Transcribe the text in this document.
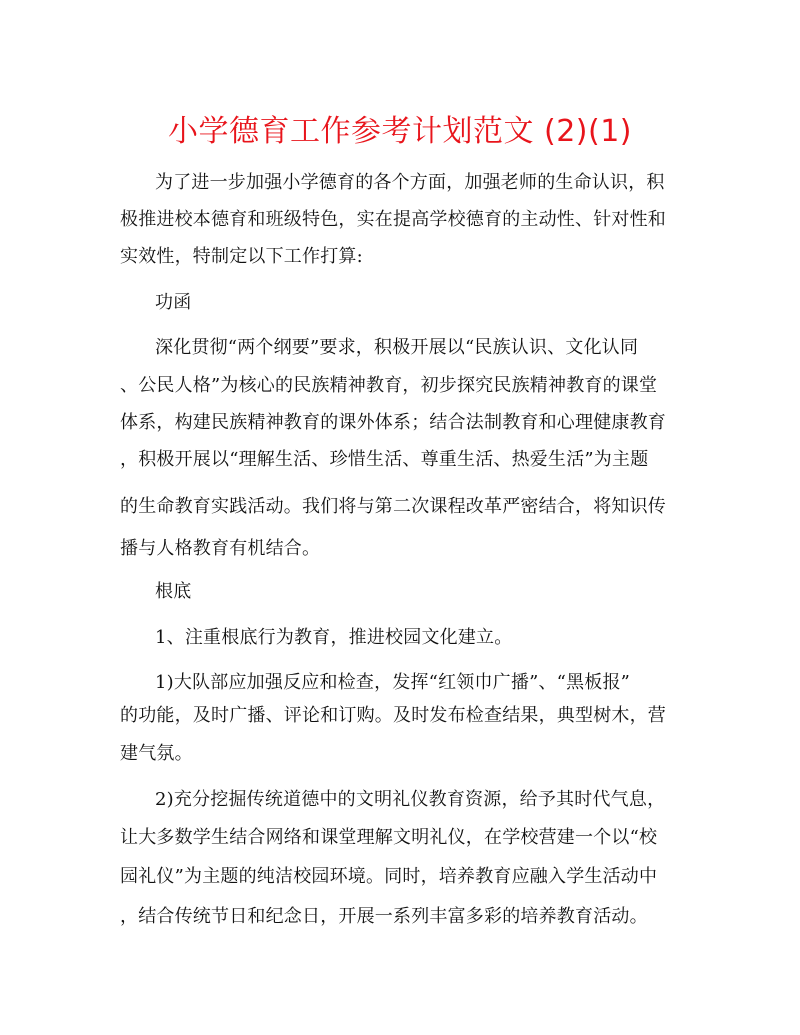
小学德育工作参考计划范文 (2)(1)
为了进一步加强小学德育的各个方面，加强老师的生命认识，积
极推进校本德育和班级特色，实在提高学校德育的主动性、针对性和
实效性，特制定以下工作打算:
功函
深化贯彻“两个纲要”要求，积极开展以“民族认识、文化认同
、公民人格”为核心的民族精神教育，初步探究民族精神教育的课堂
体系，构建民族精神教育的课外体系；结合法制教育和心理健康教育
，积极开展以“理解生活、珍惜生活、尊重生活、热爱生活”为主题
的生命教育实践活动。我们将与第二次课程改革严密结合，将知识传
播与人格教育有机结合。
根底
1、注重根底行为教育，推进校园文化建立。
1)大队部应加强反应和检查，发挥“红领巾广播”、“黑板报”
的功能，及时广播、评论和订购。及时发布检查结果，典型树木，营
建气氛。
2)充分挖掘传统道德中的文明礼仪教育资源，给予其时代气息，
让大多数学生结合网络和课堂理解文明礼仪，在学校营建一个以“校
园礼仪”为主题的纯洁校园环境。同时，培养教育应融入学生活动中
，结合传统节日和纪念日，开展一系列丰富多彩的培养教育活动。
